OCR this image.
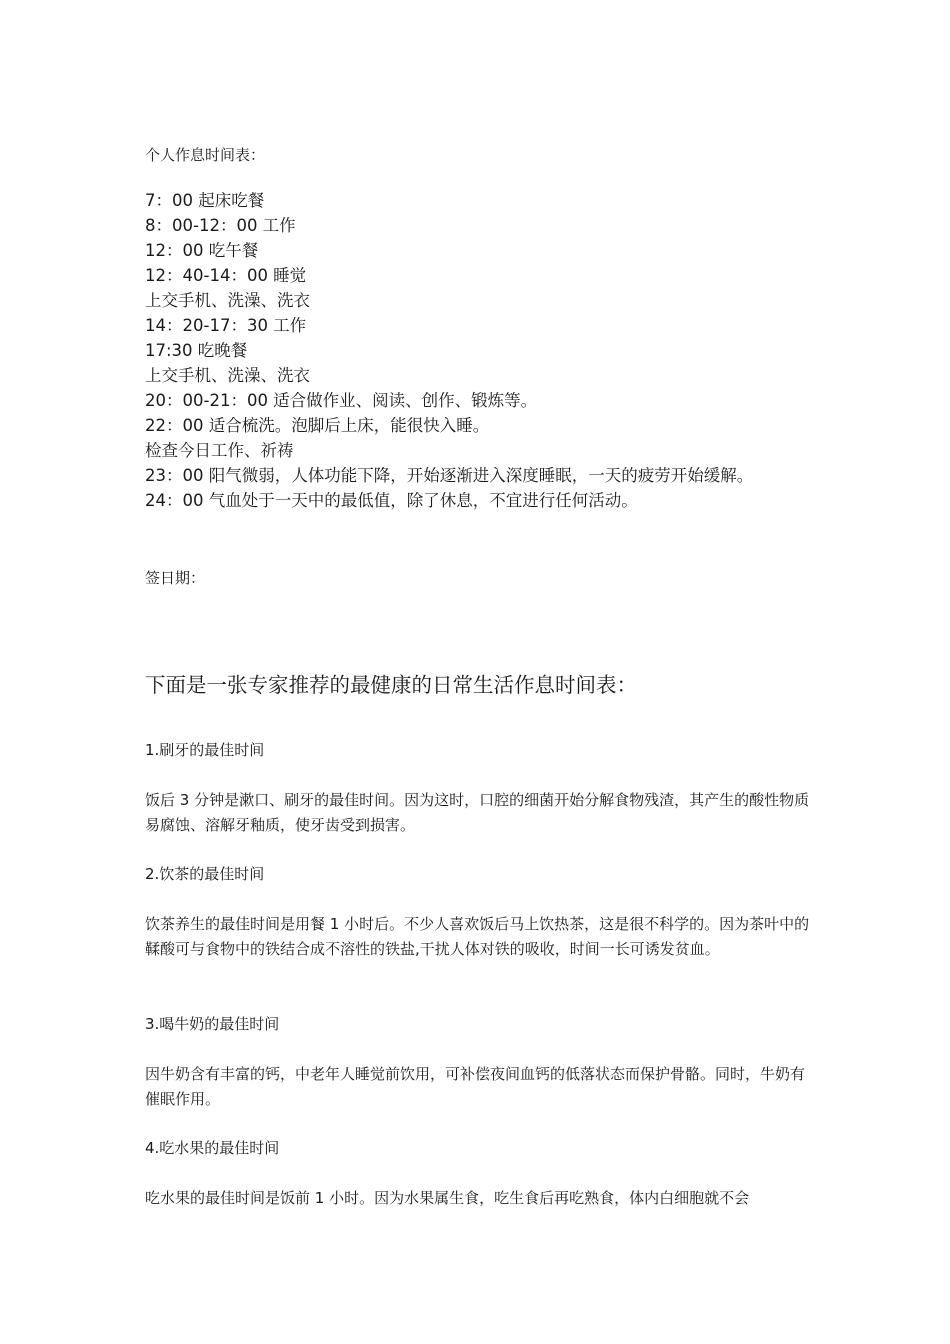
个人作息时间表：
7：00 起床吃餐
8：00-12：00 工作
12：00 吃午餐
12：40-14：00 睡觉
上交手机、洗澡、洗衣
14：20-17：30 工作
17:30 吃晚餐
上交手机、洗澡、洗衣
20：00-21：00 适合做作业、阅读、创作、锻炼等。
22：00 适合梳洗。泡脚后上床，能很快入睡。
检查今日工作、祈祷
23：00 阳气微弱，人体功能下降，开始逐渐进入深度睡眠，一天的疲劳开始缓解。
24：00 气血处于一天中的最低值，除了休息，不宜进行任何活动。
签日期：
下面是一张专家推荐的最健康的日常生活作息时间表：
1.刷牙的最佳时间
饭后 3 分钟是漱口、刷牙的最佳时间。因为这时，口腔的细菌开始分解食物残渣，其产生的酸性物质易腐蚀、溶解牙釉质，使牙齿受到损害。
2.饮茶的最佳时间
饮茶养生的最佳时间是用餐 1 小时后。不少人喜欢饭后马上饮热茶，这是很不科学的。因为茶叶中的鞣酸可与食物中的铁结合成不溶性的铁盐,干扰人体对铁的吸收，时间一长可诱发贫血。
3.喝牛奶的最佳时间
因牛奶含有丰富的钙，中老年人睡觉前饮用，可补偿夜间血钙的低落状态而保护骨骼。同时，牛奶有催眠作用。
4.吃水果的最佳时间
吃水果的最佳时间是饭前 1 小时。因为水果属生食，吃生食后再吃熟食，体内白细胞就不会
